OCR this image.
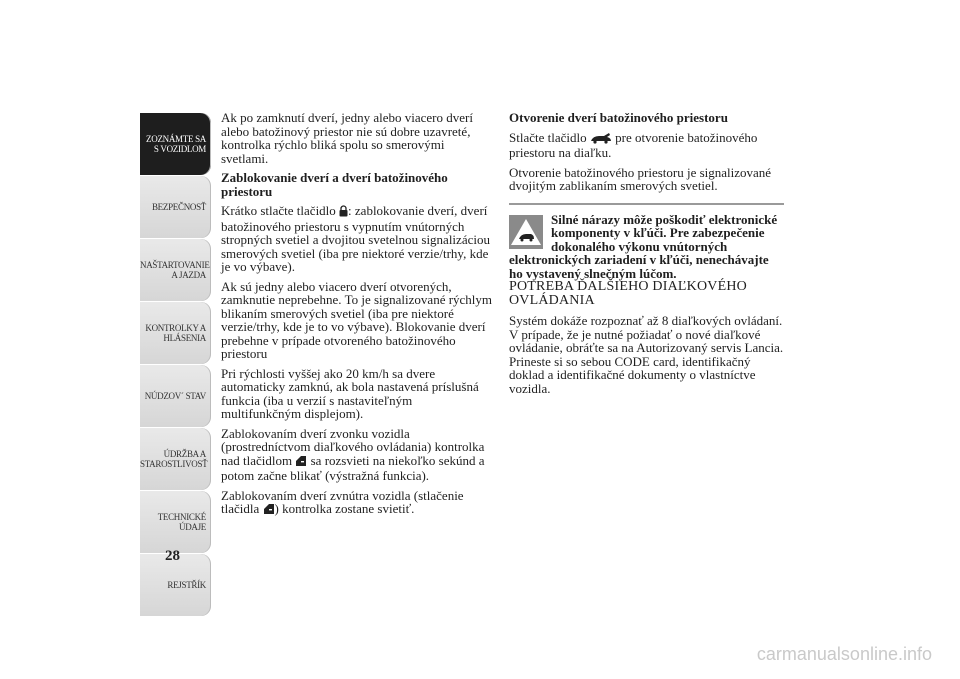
ZOZNÁMTE SA S VOZIDLOM
BEZPEČNOSŤ
NAŠTARTOVANIE A JAZDA
KONTROLKY A HLÁSENIA
NÚDZOV´ STAV
ÚDRŽBA A STAROSTLIVOSŤ
TECHNICKÉ ÚDAJE
REJSTŘÍK
28

Ak po zamknutí dverí, jedny alebo viacero dverí alebo batožinový priestor nie sú dobre uzavreté, kontrolka rýchlo bliká spolu so smerovými svetlami.

Zablokovanie dverí a dverí batožinového priestoru

Krátko stlačte tlačidlo : zablokovanie dverí, dverí batožinového priestoru s vypnutím vnútorných stropných svetiel a dvojitou svetelnou signalizáciou smerových svetiel (iba pre niektoré verzie/trhy, kde je vo výbave).

Ak sú jedny alebo viacero dverí otvorených, zamknutie neprebehne. To je signalizované rýchlym blikaním smerových svetiel (iba pre niektoré verzie/trhy, kde je to vo výbave). Blokovanie dverí prebehne v prípade otvoreného batožinového priestoru

Pri rýchlosti vyššej ako 20 km/h sa dvere automaticky zamknú, ak bola nastavená príslušná funkcia (iba u verzií s nastaviteľným multifunkčným displejom).

Zablokovaním dverí zvonku vozidla (prostredníctvom diaľkového ovládania) kontrolka nad tlačidlom sa rozsvieti na niekoľko sekúnd a potom začne blikať (výstražná funkcia).

Zablokovaním dverí zvnútra vozidla (stlačenie tlačidla ) kontrolka zostane svietiť.

Otvorenie dverí batožinového priestoru

Stlačte tlačidlo pre otvorenie batožinového priestoru na diaľku.

Otvorenie batožinového priestoru je signalizované dvojitým zablikaním smerových svetiel.

Silné nárazy môže poškodiť elektronické komponenty v kľúči. Pre zabezpečenie dokonalého výkonu vnútorných elektronických zariadení v kľúči, nenechávajte ho vystavený slnečným lúčom.

POTREBA ĎALŠIEHO DIAĽKOVÉHO
OVLÁDANIA

Systém dokáže rozpoznať až 8 diaľkových ovládaní. V prípade, že je nutné požiadať o nové diaľkové ovládanie, obráťte sa na Autorizovaný servis Lancia. Prineste si so sebou CODE card, identifikačný doklad a identifikačné dokumenty o vlastníctve vozidla.

carmanualsonline.info
